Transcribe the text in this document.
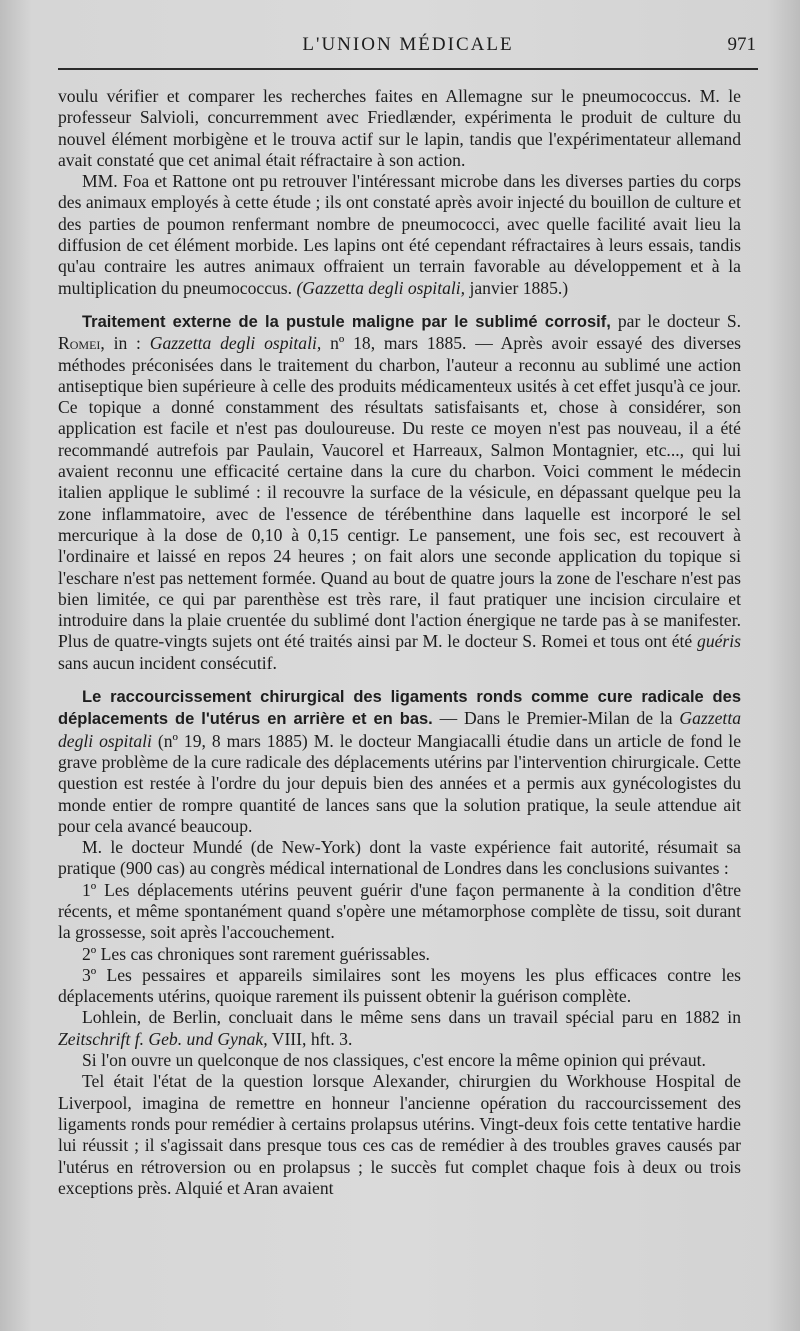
L'UNION MÉDICALE	971

voulu vérifier et comparer les recherches faites en Allemagne sur le pneumococcus. M. le professeur Salvioli, concurremment avec Friedlænder, expérimenta le produit de culture du nouvel élément morbigène et le trouva actif sur le lapin, tandis que l'expérimentateur allemand avait constaté que cet animal était réfractaire à son action.

MM. Foa et Rattone ont pu retrouver l'intéressant microbe dans les diverses parties du corps des animaux employés à cette étude ; ils ont constaté après avoir injecté du bouillon de culture et des parties de poumon renfermant nombre de pneumococci, avec quelle facilité avait lieu la diffusion de cet élément morbide. Les lapins ont été cependant réfractaires à leurs essais, tandis qu'au contraire les autres animaux offraient un terrain favorable au développement et à la multiplication du pneumococcus. (Gazzetta degli ospitali, janvier 1885.)

Traitement externe de la pustule maligne par le sublimé corrosif, par le docteur S. Romei, in : Gazzetta degli ospitali, nº 18, mars 1885. — Après avoir essayé des diverses méthodes préconisées dans le traitement du charbon, l'auteur a reconnu au sublimé une action antiseptique bien supérieure à celle des produits médicamenteux usités à cet effet jusqu'à ce jour. Ce topique a donné constamment des résultats satisfaisants et, chose à considérer, son application est facile et n'est pas douloureuse. Du reste ce moyen n'est pas nouveau, il a été recommandé autrefois par Paulain, Vaucorel et Harreaux, Salmon Montagnier, etc..., qui lui avaient reconnu une efficacité certaine dans la cure du charbon. Voici comment le médecin italien applique le sublimé : il recouvre la surface de la vésicule, en dépassant quelque peu la zone inflammatoire, avec de l'essence de térébenthine dans laquelle est incorporé le sel mercurique à la dose de 0,10 à 0,15 centigr. Le pansement, une fois sec, est recouvert à l'ordinaire et laissé en repos 24 heures ; on fait alors une seconde application du topique si l'eschare n'est pas nettement formée. Quand au bout de quatre jours la zone de l'eschare n'est pas bien limitée, ce qui par parenthèse est très rare, il faut pratiquer une incision circulaire et introduire dans la plaie cruentée du sublimé dont l'action énergique ne tarde pas à se manifester. Plus de quatre-vingts sujets ont été traités ainsi par M. le docteur S. Romei et tous ont été guéris sans aucun incident consécutif.

Le raccourcissement chirurgical des ligaments ronds comme cure radicale des déplacements de l'utérus en arrière et en bas. — Dans le Premier-Milan de la Gazzetta degli ospitali (nº 19, 8 mars 1885) M. le docteur Mangiacalli étudie dans un article de fond le grave problème de la cure radicale des déplacements utérins par l'intervention chirurgicale. Cette question est restée à l'ordre du jour depuis bien des années et a permis aux gynécologistes du monde entier de rompre quantité de lances sans que la solution pratique, la seule attendue ait pour cela avancé beaucoup.

M. le docteur Mundé (de New-York) dont la vaste expérience fait autorité, résumait sa pratique (900 cas) au congrès médical international de Londres dans les conclusions suivantes :

1º Les déplacements utérins peuvent guérir d'une façon permanente à la condition d'être récents, et même spontanément quand s'opère une métamorphose complète de tissu, soit durant la grossesse, soit après l'accouchement.

2º Les cas chroniques sont rarement guérissables.

3º Les pessaires et appareils similaires sont les moyens les plus efficaces contre les déplacements utérins, quoique rarement ils puissent obtenir la guérison complète.

Lohlein, de Berlin, concluait dans le même sens dans un travail spécial paru en 1882 in Zeitschrift f. Geb. und Gynak, VIII, hft. 3.

Si l'on ouvre un quelconque de nos classiques, c'est encore la même opinion qui prévaut.

Tel était l'état de la question lorsque Alexander, chirurgien du Workhouse Hospital de Liverpool, imagina de remettre en honneur l'ancienne opération du raccourcissement des ligaments ronds pour remédier à certains prolapsus utérins. Vingt-deux fois cette tentative hardie lui réussit ; il s'agissait dans presque tous ces cas de remédier à des troubles graves causés par l'utérus en rétroversion ou en prolapsus ; le succès fut complet chaque fois à deux ou trois exceptions près. Alquié et Aran avaient
